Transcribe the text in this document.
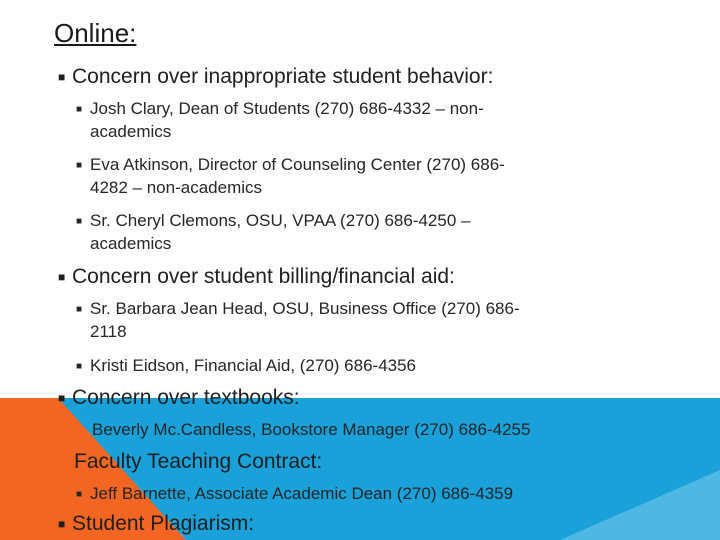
Online:
■ Concern over inappropriate student behavior:
■ Josh Clary, Dean of Students (270) 686-4332 – non-
academics
■ Eva Atkinson, Director of Counseling Center (270) 686-
4282 – non-academics
■ Sr. Cheryl Clemons, OSU, VPAA (270) 686-4250 –
academics
■ Concern over student billing/financial aid:
■ Sr. Barbara Jean Head, OSU, Business Office (270) 686-
2118
■ Kristi Eidson, Financial Aid, (270) 686-4356
■ Concern over textbooks:
Beverly Mc.Candless, Bookstore Manager (270) 686-4255
Faculty Teaching Contract:
■ Jeff Barnette, Associate Academic Dean (270) 686-4359
■ Student Plagiarism:
